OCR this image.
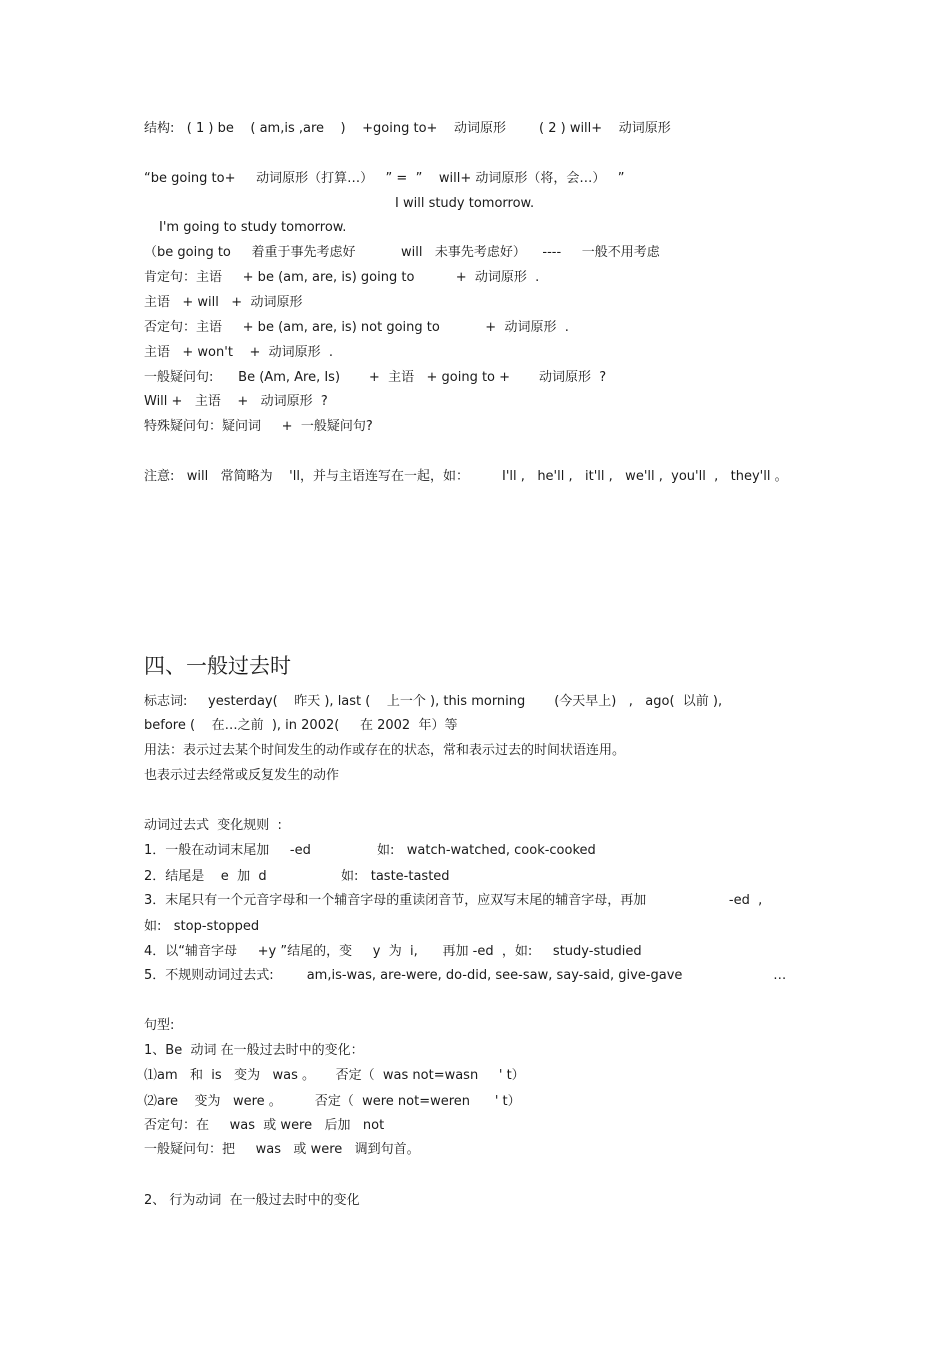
结构:   ( 1 ) be    ( am,is ,are    )    +going to+    动词原形        ( 2 ) will+    动词原形
“be going to+     动词原形（打算…）   ” =  ”    will+ 动词原形（将，会…）   ”
I will study tomorrow.
I'm going to study tomorrow.
（be going to     着重于事先考虑好           will   未事先考虑好）    ----     一般不用考虑
肯定句：主语     + be (am, are, is) going to          +  动词原形  .
主语   + will   +  动词原形
否定句：主语     + be (am, are, is) not going to           +  动词原形  .
主语   + won't    +  动词原形  .
一般疑问句:      Be (Am, Are, Is)       +  主语   + going to +       动词原形  ?
Will +   主语    +   动词原形  ?
特殊疑问句：疑问词     +  一般疑问句?
注意:   will   常简略为    'll，并与主语连写在一起，如：        I'll ,   he'll ,   it'll ,   we'll ,  you'll  ,   they'll 。
四、一般过去时
标志词:     yesterday(    昨天 ), last (    上一个 ), this morning       (今天早上)   ,   ago(  以前 ),
before (    在…之前  ), in 2002(     在 2002  年）等
用法：表示过去某个时间发生的动作或存在的状态，常和表示过去的时间状语连用。
也表示过去经常或反复发生的动作
动词过去式  变化规则  :
1．一般在动词末尾加     -ed                如:   watch-watched, cook-cooked
2．结尾是    e  加  d                  如:   taste-tasted
3．末尾只有一个元音字母和一个辅音字母的重读闭音节，应双写末尾的辅音字母，再加                    -ed  ,
如:   stop-stopped
4．以“辅音字母     +y ”结尾的，变     y  为  i,      再加 -ed  ，如:     study-studied
5．不规则动词过去式:        am,is-was, are-were, do-did, see-saw, say-said, give-gave                      …
句型:
1、Be  动词 在一般过去时中的变化：
⑴am   和  is   变为   was 。     否定（  was not=wasn     ' t）
⑵are    变为   were 。        否定（  were not=weren      ' t）
否定句：在     was  或 were   后加   not
一般疑问句：把     was   或 were   调到句首。
2、 行为动词  在一般过去时中的变化
